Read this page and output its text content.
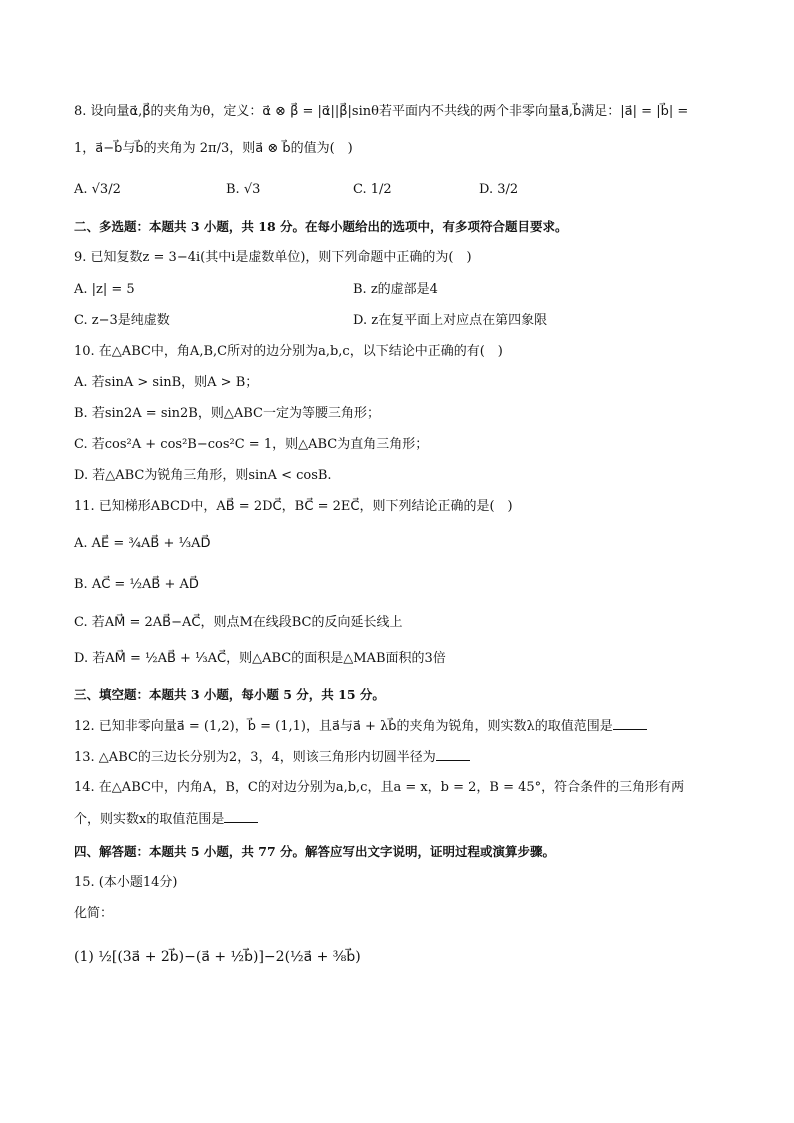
8. 设向量α⃗,β⃗的夹角为θ，定义：α⃗ ⊗ β⃗ = |α⃗||β⃗|sinθ若平面内不共线的两个非零向量a⃗,b⃗满足：|a⃗| = |b⃗| =
1，a⃗−b⃗与b⃗的夹角为 2π/3，则a⃗ ⊗ b⃗的值为(　)
A. √3/2	B. √3	C. 1/2	D. 3/2
二、多选题：本题共 3 小题，共 18 分。在每小题给出的选项中，有多项符合题目要求。
9. 已知复数z = 3−4i(其中i是虚数单位)，则下列命题中正确的为(　)
A. |z| = 5	B. z的虚部是4
C. z−3是纯虚数	D. z在复平面上对应点在第四象限
10. 在△ABC中，角A,B,C所对的边分别为a,b,c，以下结论中正确的有(　)
A. 若sinA > sinB，则A > B；
B. 若sin2A = sin2B，则△ABC一定为等腰三角形；
C. 若cos²A + cos²B−cos²C = 1，则△ABC为直角三角形；
D. 若△ABC为锐角三角形，则sinA < cosB.
11. 已知梯形ABCD中，AB⃗ = 2DC⃗，BC⃗ = 2EC⃗，则下列结论正确的是(　)
A. AE⃗ = ¾AB⃗ + ⅓AD⃗
B. AC⃗ = ½AB⃗ + AD⃗
C. 若AM⃗ = 2AB⃗−AC⃗，则点M在线段BC的反向延长线上
D. 若AM⃗ = ½AB⃗ + ⅓AC⃗，则△ABC的面积是△MAB面积的3倍
三、填空题：本题共 3 小题，每小题 5 分，共 15 分。
12. 已知非零向量a⃗ = (1,2)，b⃗ = (1,1)，且a⃗与a⃗ + λb⃗的夹角为锐角，则实数λ的取值范围是
13. △ABC的三边长分别为2，3，4，则该三角形内切圆半径为
14. 在△ABC中，内角A，B，C的对边分别为a,b,c，且a = x，b = 2，B = 45°，符合条件的三角形有两
个，则实数x的取值范围是
四、解答题：本题共 5 小题，共 77 分。解答应写出文字说明，证明过程或演算步骤。
15. (本小题14分)
化简：
(1) ½[(3a⃗ + 2b⃗)−(a⃗ + ½b⃗)]−2(½a⃗ + ⅜b⃗)
